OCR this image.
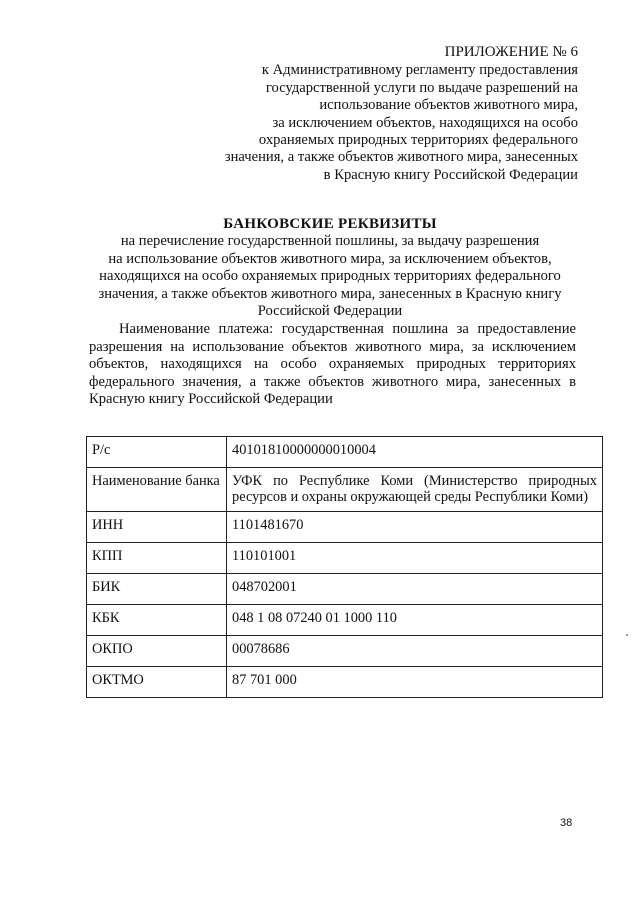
ПРИЛОЖЕНИЕ № 6
к Административному регламенту предоставления
государственной услуги по выдаче разрешений на
использование объектов животного мира,
за исключением объектов, находящихся на особо
охраняемых природных территориях федерального
значения, а также объектов животного мира, занесенных
в Красную книгу Российской Федерации
БАНКОВСКИЕ РЕКВИЗИТЫ
на перечисление государственной пошлины, за выдачу разрешения
на использование объектов животного мира, за исключением объектов,
находящихся на особо охраняемых природных территориях федерального
значения, а также объектов животного мира, занесенных в Красную книгу
Российской Федерации
Наименование платежа: государственная пошлина за предоставление разрешения на использование объектов животного мира, за исключением объектов, находящихся на особо охраняемых природных территориях федерального значения, а также объектов животного мира, занесенных в Красную книгу Российской Федерации
Р/с	40101810000000010004
Наименование банка	УФК по Республике Коми (Министерство природных ресурсов и охраны окружающей среды Республики Коми)
ИНН	1101481670
КПП	110101001
БИК	048702001
КБК	048 1 08 07240 01 1000 110
ОКПО	00078686
ОКТМО	87 701 000
38
